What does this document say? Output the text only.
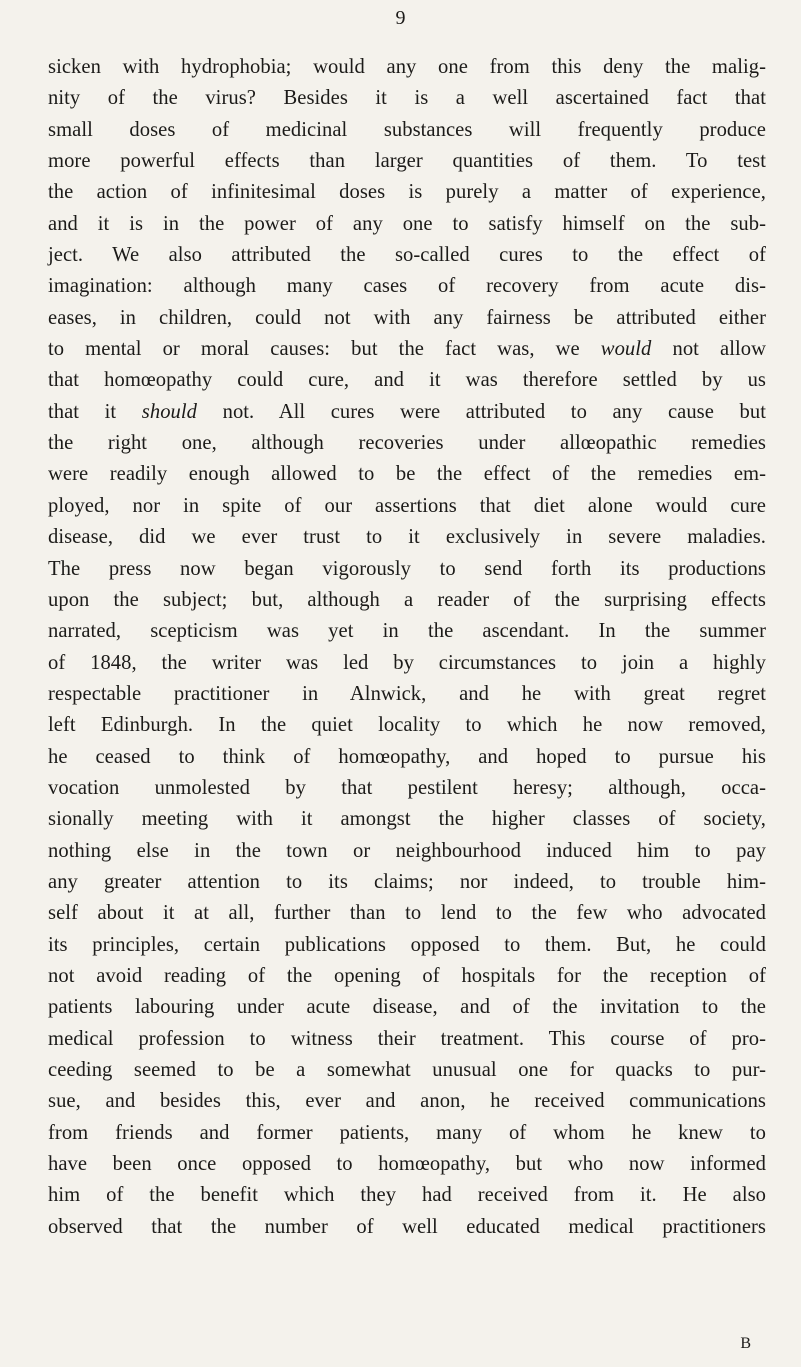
9
sicken with hydrophobia; would any one from this deny the malig-
nity of the virus? Besides it is a well ascertained fact that
small doses of medicinal substances will frequently produce
more powerful effects than larger quantities of them. To test
the action of infinitesimal doses is purely a matter of experience,
and it is in the power of any one to satisfy himself on the sub-
ject. We also attributed the so-called cures to the effect of
imagination: although many cases of recovery from acute dis-
eases, in children, could not with any fairness be attributed either
to mental or moral causes: but the fact was, we would not allow
that homœopathy could cure, and it was therefore settled by us
that it should not. All cures were attributed to any cause but
the right one, although recoveries under allœopathic remedies
were readily enough allowed to be the effect of the remedies em-
ployed, nor in spite of our assertions that diet alone would cure
disease, did we ever trust to it exclusively in severe maladies.
The press now began vigorously to send forth its productions
upon the subject; but, although a reader of the surprising effects
narrated, scepticism was yet in the ascendant. In the summer
of 1848, the writer was led by circumstances to join a highly
respectable practitioner in Alnwick, and he with great regret
left Edinburgh. In the quiet locality to which he now removed,
he ceased to think of homœopathy, and hoped to pursue his
vocation unmolested by that pestilent heresy; although, occa-
sionally meeting with it amongst the higher classes of society,
nothing else in the town or neighbourhood induced him to pay
any greater attention to its claims; nor indeed, to trouble him-
self about it at all, further than to lend to the few who advocated
its principles, certain publications opposed to them. But, he could
not avoid reading of the opening of hospitals for the reception of
patients labouring under acute disease, and of the invitation to the
medical profession to witness their treatment. This course of pro-
ceeding seemed to be a somewhat unusual one for quacks to pur-
sue, and besides this, ever and anon, he received communications
from friends and former patients, many of whom he knew to
have been once opposed to homœopathy, but who now informed
him of the benefit which they had received from it. He also
observed that the number of well educated medical practitioners
B
